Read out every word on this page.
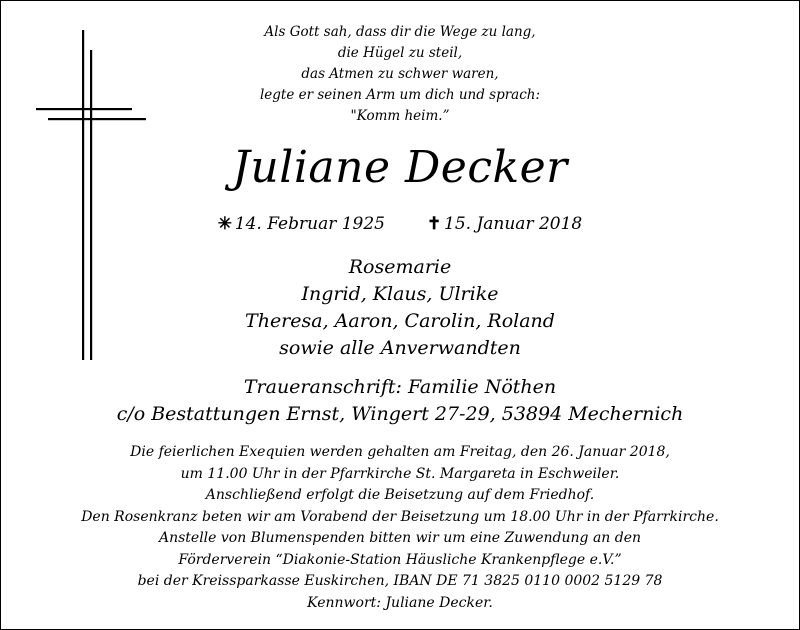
Als Gott sah, dass dir die Wege zu lang,
die Hügel zu steil,
das Atmen zu schwer waren,
legte er seinen Arm um dich und sprach:
"Komm heim.”
Juliane Decker
✳ 14. Februar 1925 ✝ 15. Januar 2018
Rosemarie
Ingrid, Klaus, Ulrike
Theresa, Aaron, Carolin, Roland
sowie alle Anverwandten
Traueranschrift: Familie Nöthen
c/o Bestattungen Ernst, Wingert 27-29, 53894 Mechernich
Die feierlichen Exequien werden gehalten am Freitag, den 26. Januar 2018,
um 11.00 Uhr in der Pfarrkirche St. Margareta in Eschweiler.
Anschließend erfolgt die Beisetzung auf dem Friedhof.
Den Rosenkranz beten wir am Vorabend der Beisetzung um 18.00 Uhr in der Pfarrkirche.
Anstelle von Blumenspenden bitten wir um eine Zuwendung an den
Förderverein “Diakonie-Station Häusliche Krankenpflege e.V.”
bei der Kreissparkasse Euskirchen, IBAN DE 71 3825 0110 0002 5129 78
Kennwort: Juliane Decker.
